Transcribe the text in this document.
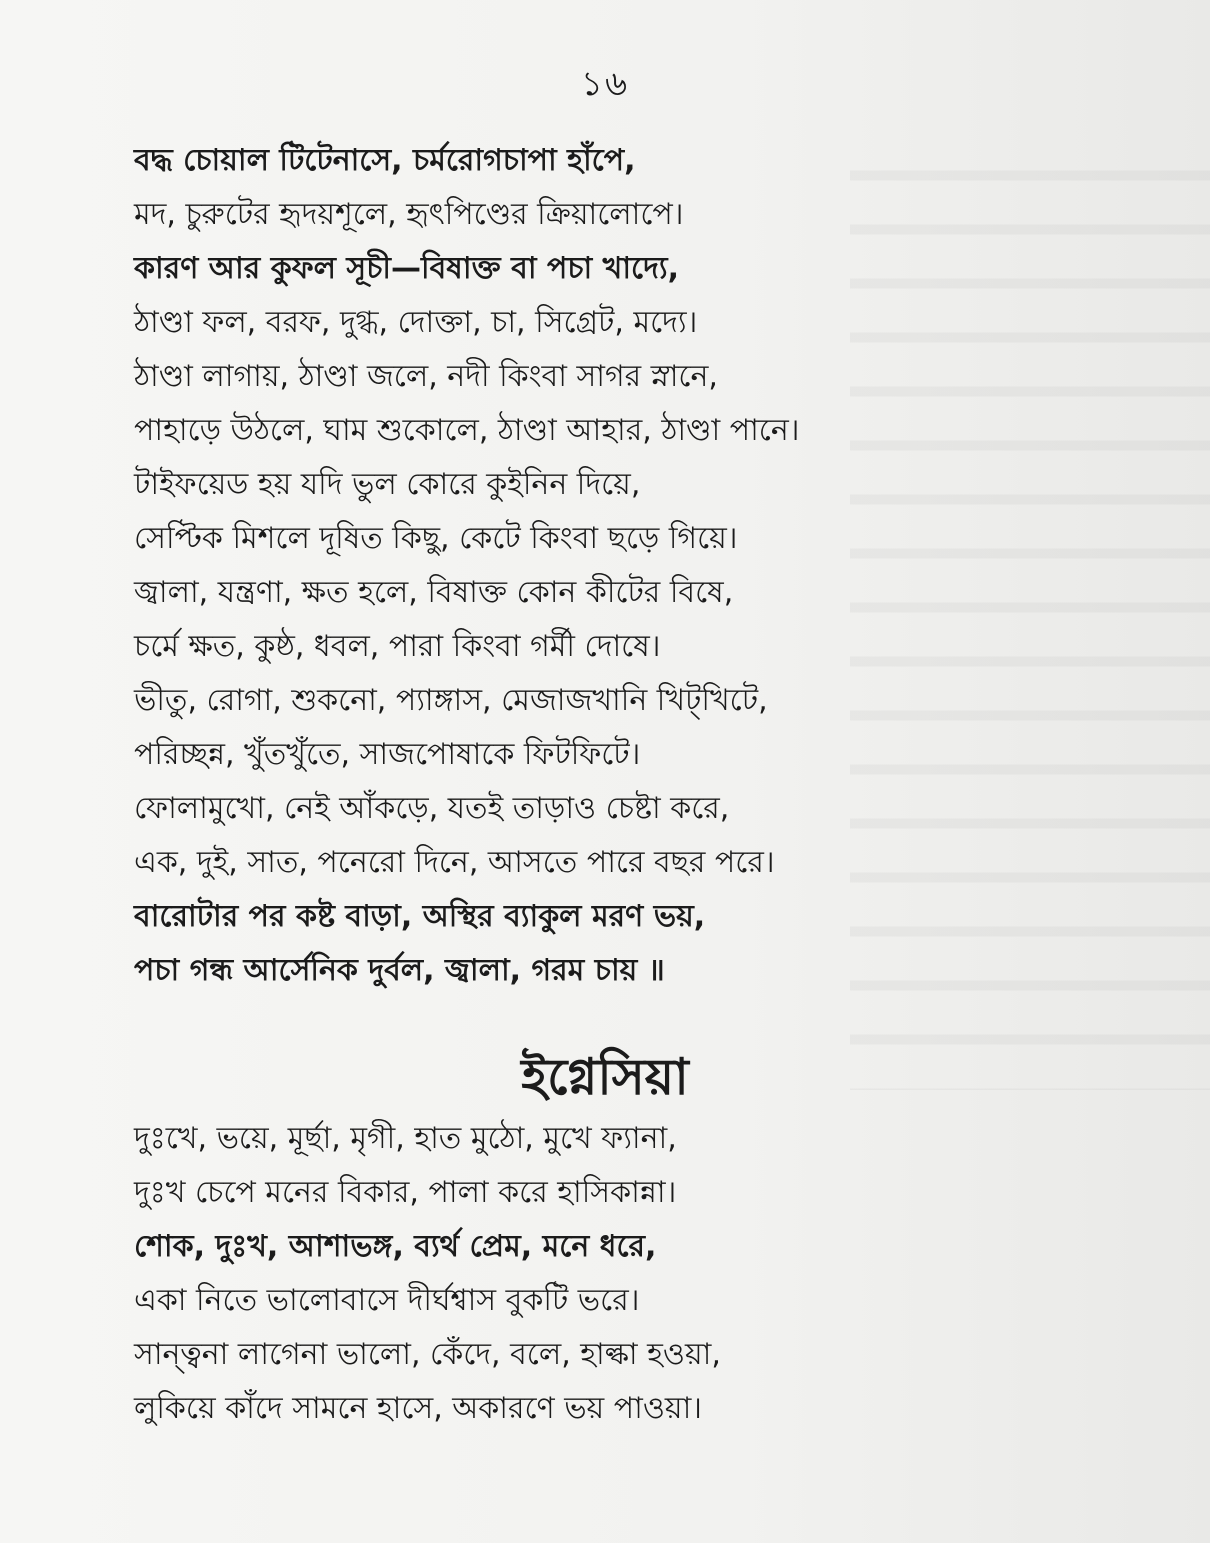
১৬
বদ্ধ চোয়াল টিটেনাসে, চর্মরোগচাপা হাঁপে,
মদ, চুরুটের হৃদয়শূলে, হৃৎপিণ্ডের ক্রিয়ালোপে।
কারণ আর কুফল সূচী—বিষাক্ত বা পচা খাদ্যে,
ঠাণ্ডা ফল, বরফ, দুগ্ধ, দোক্তা, চা, সিগ্রেট, মদ্যে।
ঠাণ্ডা লাগায়, ঠাণ্ডা জলে, নদী কিংবা সাগর স্নানে,
পাহাড়ে উঠলে, ঘাম শুকোলে, ঠাণ্ডা আহার, ঠাণ্ডা পানে।
টাইফয়েড হয় যদি ভুল কোরে কুইনিন দিয়ে,
সেপ্টিক মিশলে দূষিত কিছু, কেটে কিংবা ছড়ে গিয়ে।
জ্বালা, যন্ত্রণা, ক্ষত হলে, বিষাক্ত কোন কীটের বিষে,
চর্মে ক্ষত, কুষ্ঠ, ধবল, পারা কিংবা গর্মী দোষে।
ভীতু, রোগা, শুকনো, প্যাঙ্গাস, মেজাজখানি খিট্‌খিটে,
পরিচ্ছন্ন, খুঁতখুঁতে, সাজপোষাকে ফিটফিটে।
ফোলামুখো, নেই আঁকড়ে, যতই তাড়াও চেষ্টা করে,
এক, দুই, সাত, পনেরো দিনে, আসতে পারে বছর পরে।
বারোটার পর কষ্ট বাড়া, অস্থির ব্যাকুল মরণ ভয়,
পচা গন্ধ আর্সেনিক দুর্বল, জ্বালা, গরম চায় ॥
ইগ্নেসিয়া
দুঃখে, ভয়ে, মূর্ছা, মৃগী, হাত মুঠো, মুখে ফ্যানা,
দুঃখ চেপে মনের বিকার, পালা করে হাসিকান্না।
শোক, দুঃখ, আশাভঙ্গ, ব্যর্থ প্রেম, মনে ধরে,
একা নিতে ভালোবাসে দীর্ঘশ্বাস বুকটি ভরে।
সান্ত্বনা লাগেনা ভালো, কেঁদে, বলে, হাল্কা হওয়া,
লুকিয়ে কাঁদে সামনে হাসে, অকারণে ভয় পাওয়া।
